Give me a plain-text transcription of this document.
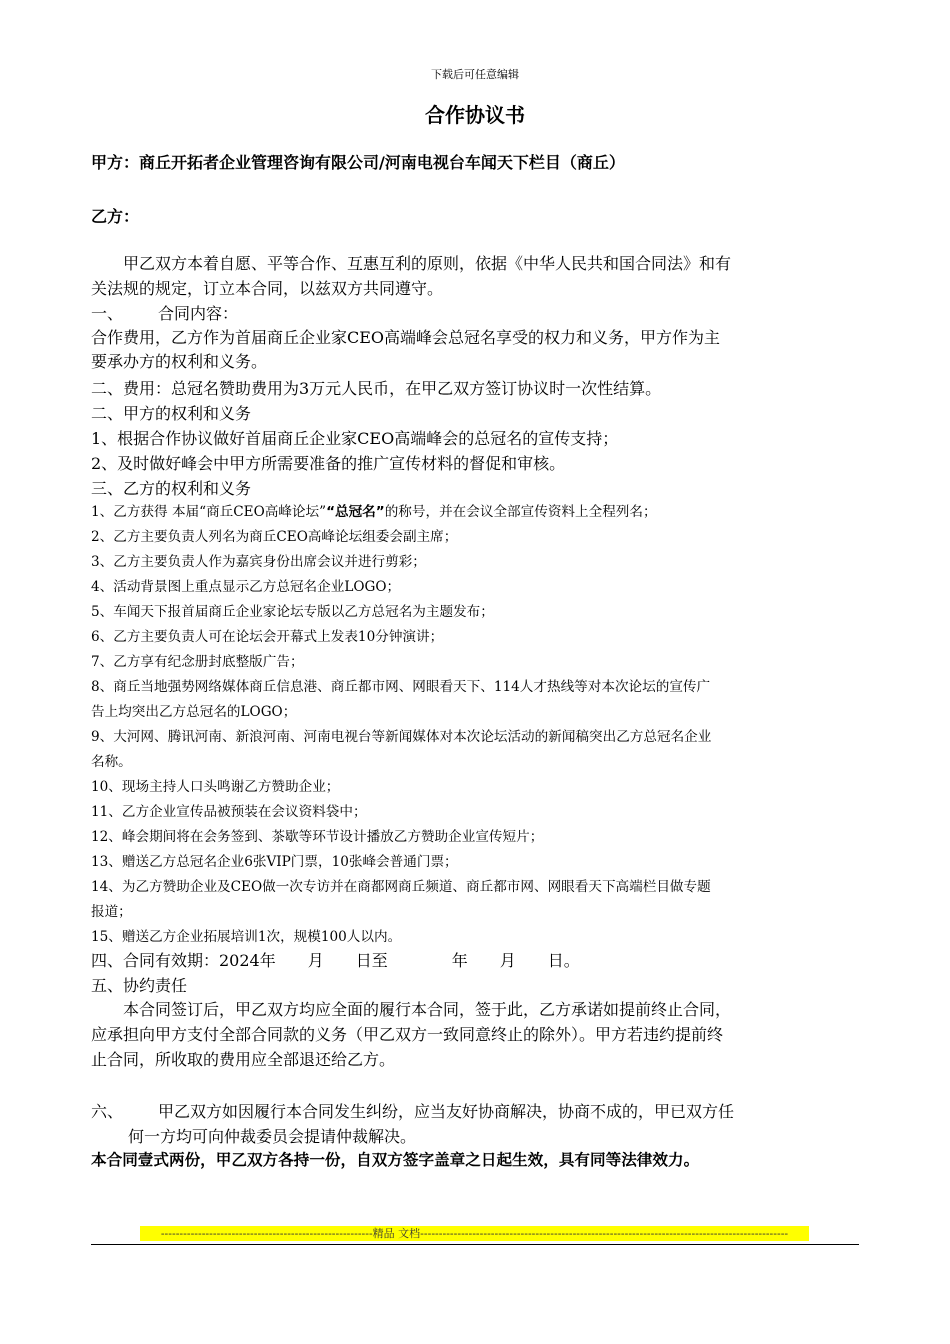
下载后可任意编辑
合作协议书
甲方：商丘开拓者企业管理咨询有限公司/河南电视台车闻天下栏目（商丘）
乙方：
甲乙双方本着自愿、平等合作、互惠互利的原则，依据《中华人民共和国合同法》和有
关法规的规定，订立本合同，以兹双方共同遵守。
一、 合同内容：
合作费用，乙方作为首届商丘企业家CEO高端峰会总冠名享受的权力和义务，甲方作为主
要承办方的权利和义务。
二、费用：总冠名赞助费用为3万元人民币，在甲乙双方签订协议时一次性结算。
二、甲方的权利和义务
1、根据合作协议做好首届商丘企业家CEO高端峰会的总冠名的宣传支持；
2、及时做好峰会中甲方所需要准备的推广宣传材料的督促和审核。
三、乙方的权利和义务
1、乙方获得 本届“商丘CEO高峰论坛”“总冠名”的称号，并在会议全部宣传资料上全程列名；
2、乙方主要负责人列名为商丘CEO高峰论坛组委会副主席；
3、乙方主要负责人作为嘉宾身份出席会议并进行剪彩；
4、活动背景图上重点显示乙方总冠名企业LOGO；
5、车闻天下报首届商丘企业家论坛专版以乙方总冠名为主题发布；
6、乙方主要负责人可在论坛会开幕式上发表10分钟演讲；
7、乙方享有纪念册封底整版广告；
8、商丘当地强势网络媒体商丘信息港、商丘都市网、网眼看天下、114人才热线等对本次论坛的宣传广
告上均突出乙方总冠名的LOGO；
9、大河网、腾讯河南、新浪河南、河南电视台等新闻媒体对本次论坛活动的新闻稿突出乙方总冠名企业
名称。
10、现场主持人口头鸣谢乙方赞助企业；
11、乙方企业宣传品被预装在会议资料袋中；
12、峰会期间将在会务签到、茶歇等环节设计播放乙方赞助企业宣传短片；
13、赠送乙方总冠名企业6张VIP门票，10张峰会普通门票；
14、为乙方赞助企业及CEO做一次专访并在商都网商丘频道、商丘都市网、网眼看天下高端栏目做专题
报道；
15、赠送乙方企业拓展培训1次，规模100人以内。
四、合同有效期：2024年　　月　　日至　　　　年　　月　　日。
五、协约责任
本合同签订后，甲乙双方均应全面的履行本合同，签于此，乙方承诺如提前终止合同，
应承担向甲方支付全部合同款的义务（甲乙双方一致同意终止的除外）。甲方若违约提前终
止合同，所收取的费用应全部退还给乙方。
六、 甲乙双方如因履行本合同发生纠纷，应当友好协商解决，协商不成的，甲已双方任
何一方均可向仲裁委员会提请仲裁解决。
本合同壹式两份，甲乙双方各持一份，自双方签字盖章之日起生效，具有同等法律效力。
---------------------------------------------------------精品 文档---------------------------------------------------------------------------------------------------
